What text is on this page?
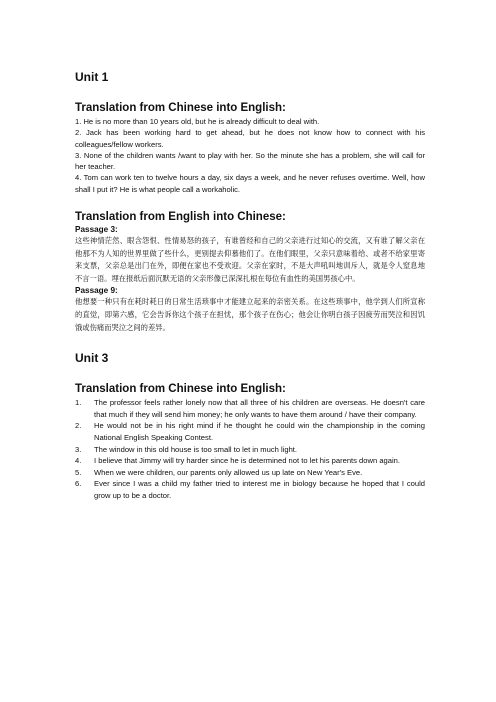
Unit 1

Translation from Chinese into English:

1. He is no more than 10 years old, but he is already difficult to deal with.

2. Jack has been working hard to get ahead, but he does not know how to connect with his colleagues/fellow workers.

3. None of the children wants /want to play with her. So the minute she has a problem, she will call for her teacher.

4. Tom can work ten to twelve hours a day, six days a week, and he never refuses overtime. Well, how shall I put it? He is what people call a workaholic.

Translation from English into Chinese:

Passage 3:

这些神情茫然、眼含怨恨、性情易怒的孩子，有谁曾经和自己的父亲进行过知心的交流，又有谁了解父亲在他那不为人知的世界里做了些什么，更别提去仰慕他们了。在他们眼里，父亲只意味着给、或者不给家里寄来支票，父亲总是出门在外，即便在家也不受欢迎。父亲在家时，不是大声吼叫地训斥人，就是令人窒息地不言一语。埋在报纸后面沉默无语的父亲形像已深深扎根在每位有血性的美国男孩心中。

Passage 9:

他想要一种只有在耗时耗日的日常生活琐事中才能建立起来的亲密关系。在这些琐事中，他学到人们所宣称的直觉，即第六感，它会告诉你这个孩子在担忧，那个孩子在伤心；他会让你明白孩子因疲劳而哭泣和因饥饿或伤痛而哭泣之间的差异。

Unit 3

Translation from Chinese into English:

1. The professor feels rather lonely now that all three of his children are overseas. He doesn't care that much if they will send him money; he only wants to have them around / have their company.
2. He would not be in his right mind if he thought he could win the championship in the coming National English Speaking Contest.
3. The window in this old house is too small to let in much light.
4. I believe that Jimmy will try harder since he is determined not to let his parents down again.
5. When we were children, our parents only allowed us up late on New Year's Eve.
6. Ever since I was a child my father tried to interest me in biology because he hoped that I could grow up to be a doctor.
